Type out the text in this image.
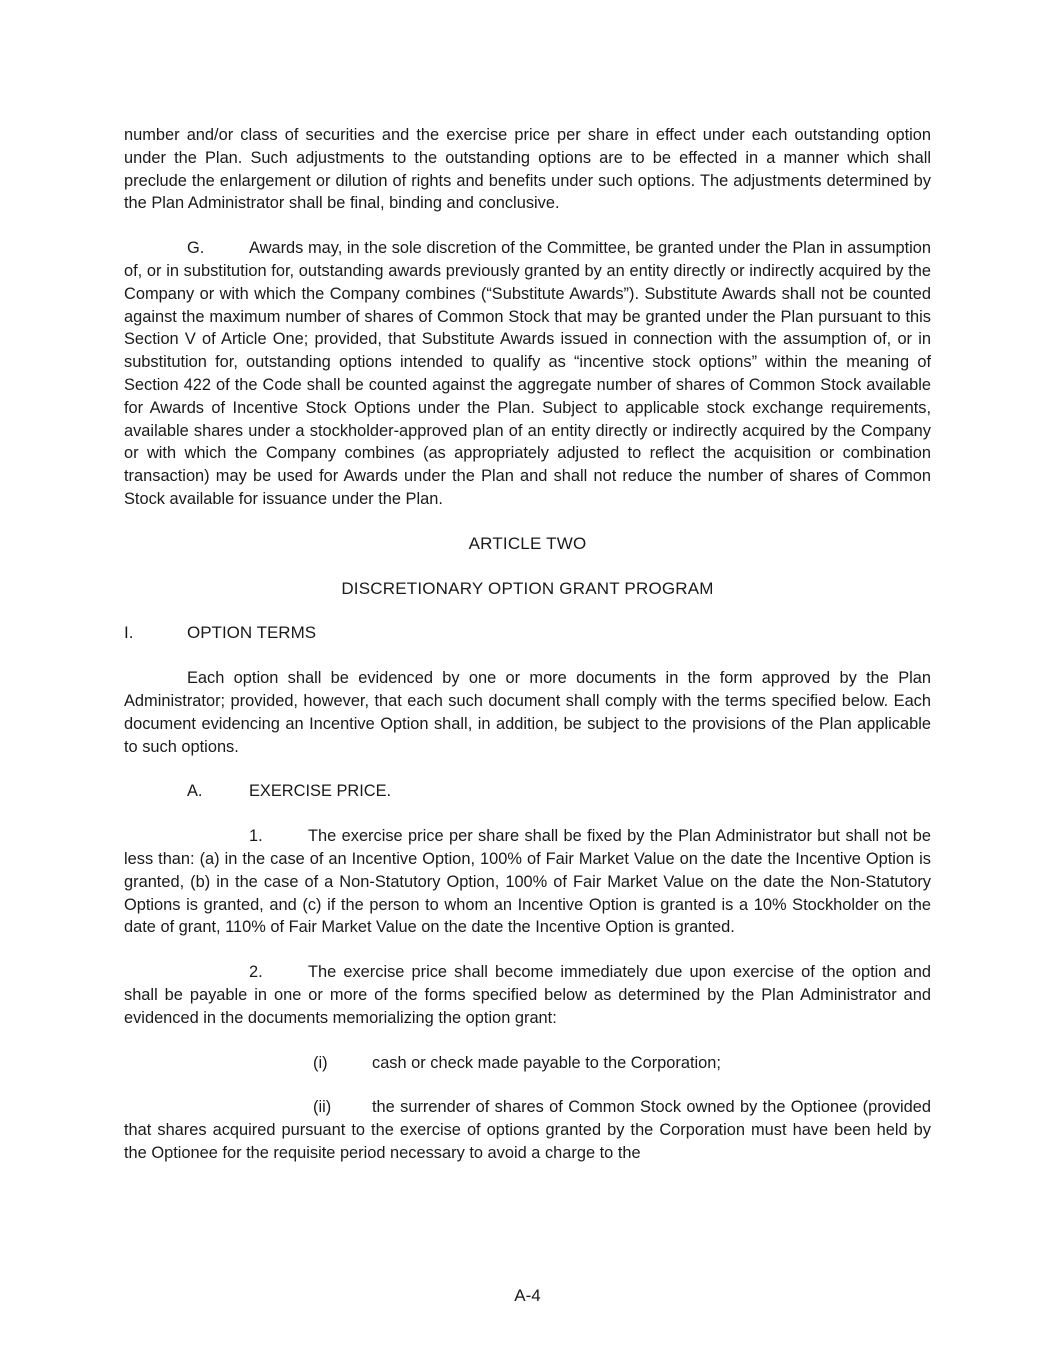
number and/or class of securities and the exercise price per share in effect under each outstanding option under the Plan. Such adjustments to the outstanding options are to be effected in a manner which shall preclude the enlargement or dilution of rights and benefits under such options. The adjustments determined by the Plan Administrator shall be final, binding and conclusive.

G.	Awards may, in the sole discretion of the Committee, be granted under the Plan in assumption of, or in substitution for, outstanding awards previously granted by an entity directly or indirectly acquired by the Company or with which the Company combines (“Substitute Awards”). Substitute Awards shall not be counted against the maximum number of shares of Common Stock that may be granted under the Plan pursuant to this Section V of Article One; provided, that Substitute Awards issued in connection with the assumption of, or in substitution for, outstanding options intended to qualify as “incentive stock options” within the meaning of Section 422 of the Code shall be counted against the aggregate number of shares of Common Stock available for Awards of Incentive Stock Options under the Plan. Subject to applicable stock exchange requirements, available shares under a stockholder-approved plan of an entity directly or indirectly acquired by the Company or with which the Company combines (as appropriately adjusted to reflect the acquisition or combination transaction) may be used for Awards under the Plan and shall not reduce the number of shares of Common Stock available for issuance under the Plan.

ARTICLE TWO

DISCRETIONARY OPTION GRANT PROGRAM

I.	OPTION TERMS

Each option shall be evidenced by one or more documents in the form approved by the Plan Administrator; provided, however, that each such document shall comply with the terms specified below. Each document evidencing an Incentive Option shall, in addition, be subject to the provisions of the Plan applicable to such options.

A.	EXERCISE PRICE.

1.	The exercise price per share shall be fixed by the Plan Administrator but shall not be less than: (a) in the case of an Incentive Option, 100% of Fair Market Value on the date the Incentive Option is granted, (b) in the case of a Non-Statutory Option, 100% of Fair Market Value on the date the Non-Statutory Options is granted, and (c) if the person to whom an Incentive Option is granted is a 10% Stockholder on the date of grant, 110% of Fair Market Value on the date the Incentive Option is granted.

2.	The exercise price shall become immediately due upon exercise of the option and shall be payable in one or more of the forms specified below as determined by the Plan Administrator and evidenced in the documents memorializing the option grant:

(i)	cash or check made payable to the Corporation;

(ii) the surrender of shares of Common Stock owned by the Optionee (provided that shares acquired pursuant to the exercise of options granted by the Corporation must have been held by the Optionee for the requisite period necessary to avoid a charge to the

A-4
